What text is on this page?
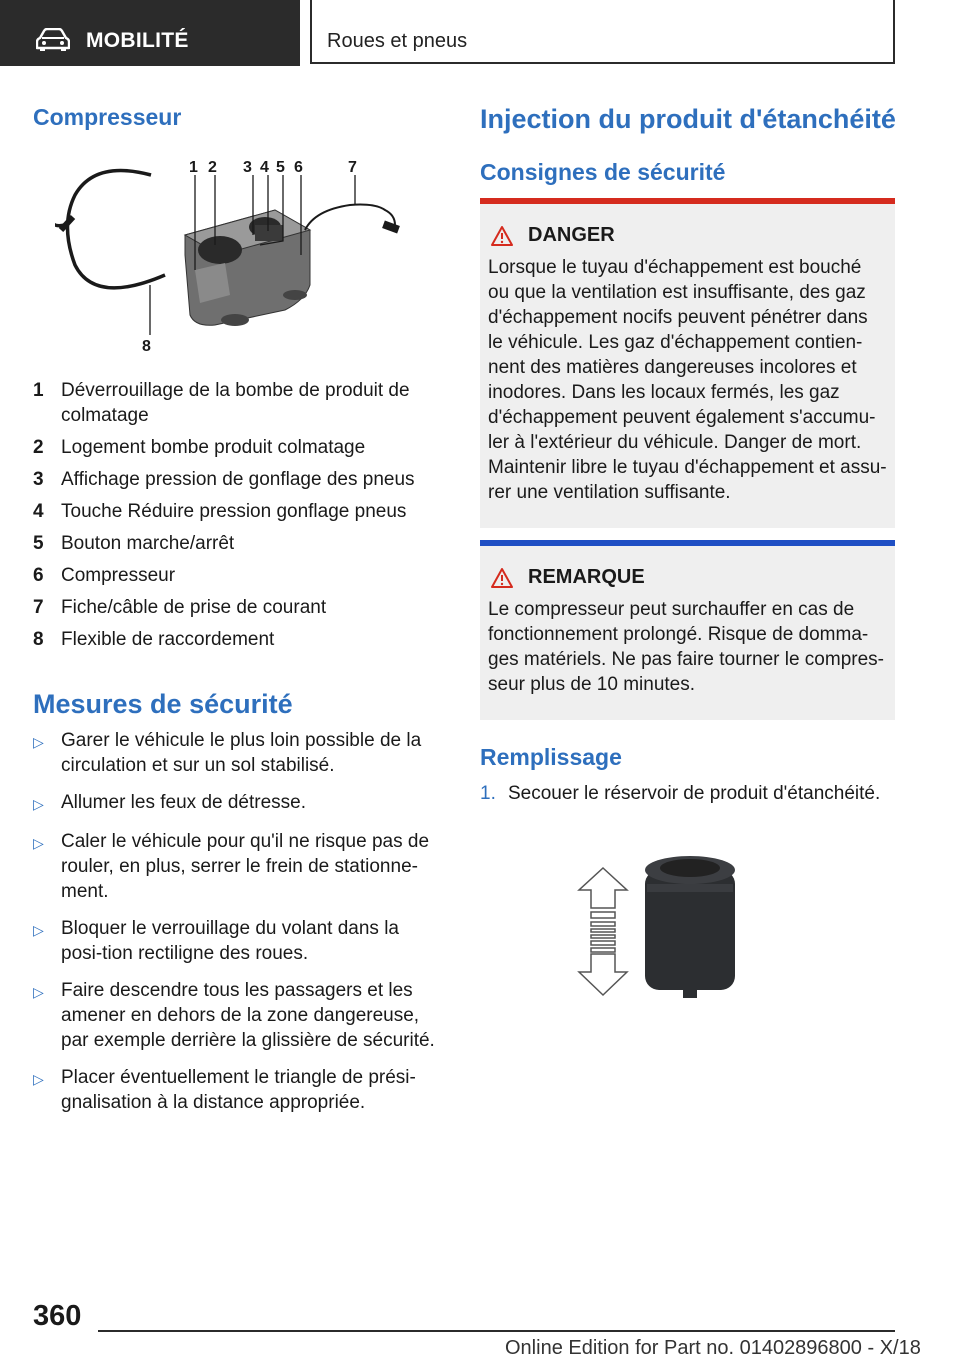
MOBILITÉ	Roues et pneus
Compresseur
1 2 3 4 5 6	7
8
1 Déverrouillage de la bombe de produit de colmatage
2 Logement bombe produit colmatage
3 Affichage pression de gonflage des pneus
4 Touche Réduire pression gonflage pneus
5 Bouton marche/arrêt
6 Compresseur
7 Fiche/câble de prise de courant
8 Flexible de raccordement
Mesures de sécurité
▷ Garer le véhicule le plus loin possible de la circulation et sur un sol stabilisé.
▷ Allumer les feux de détresse.
▷ Caler le véhicule pour qu'il ne risque pas de rouler, en plus, serrer le frein de stationne‐ment.
▷ Bloquer le verrouillage du volant dans la posi‐tion rectiligne des roues.
▷ Faire descendre tous les passagers et les amener en dehors de la zone dangereuse, par exemple derrière la glissière de sécurité.
▷ Placer éventuellement le triangle de prési‐gnalisation à la distance appropriée.
Injection du produit d'étanchéité
Consignes de sécurité
DANGER
Lorsque le tuyau d'échappement est bouché ou que la ventilation est insuffisante, des gaz d'échappement nocifs peuvent pénétrer dans le véhicule. Les gaz d'échappement contien‐nent des matières dangereuses incolores et inodores. Dans les locaux fermés, les gaz d'échappement peuvent également s'accumu‐ler à l'extérieur du véhicule. Danger de mort. Maintenir libre le tuyau d'échappement et assu‐rer une ventilation suffisante.
REMARQUE
Le compresseur peut surchauffer en cas de fonctionnement prolongé. Risque de domma‐ges matériels. Ne pas faire tourner le compres‐seur plus de 10 minutes.
Remplissage
1. Secouer le réservoir de produit d'étanchéité.
360
Online Edition for Part no. 01402896800 - X/18
